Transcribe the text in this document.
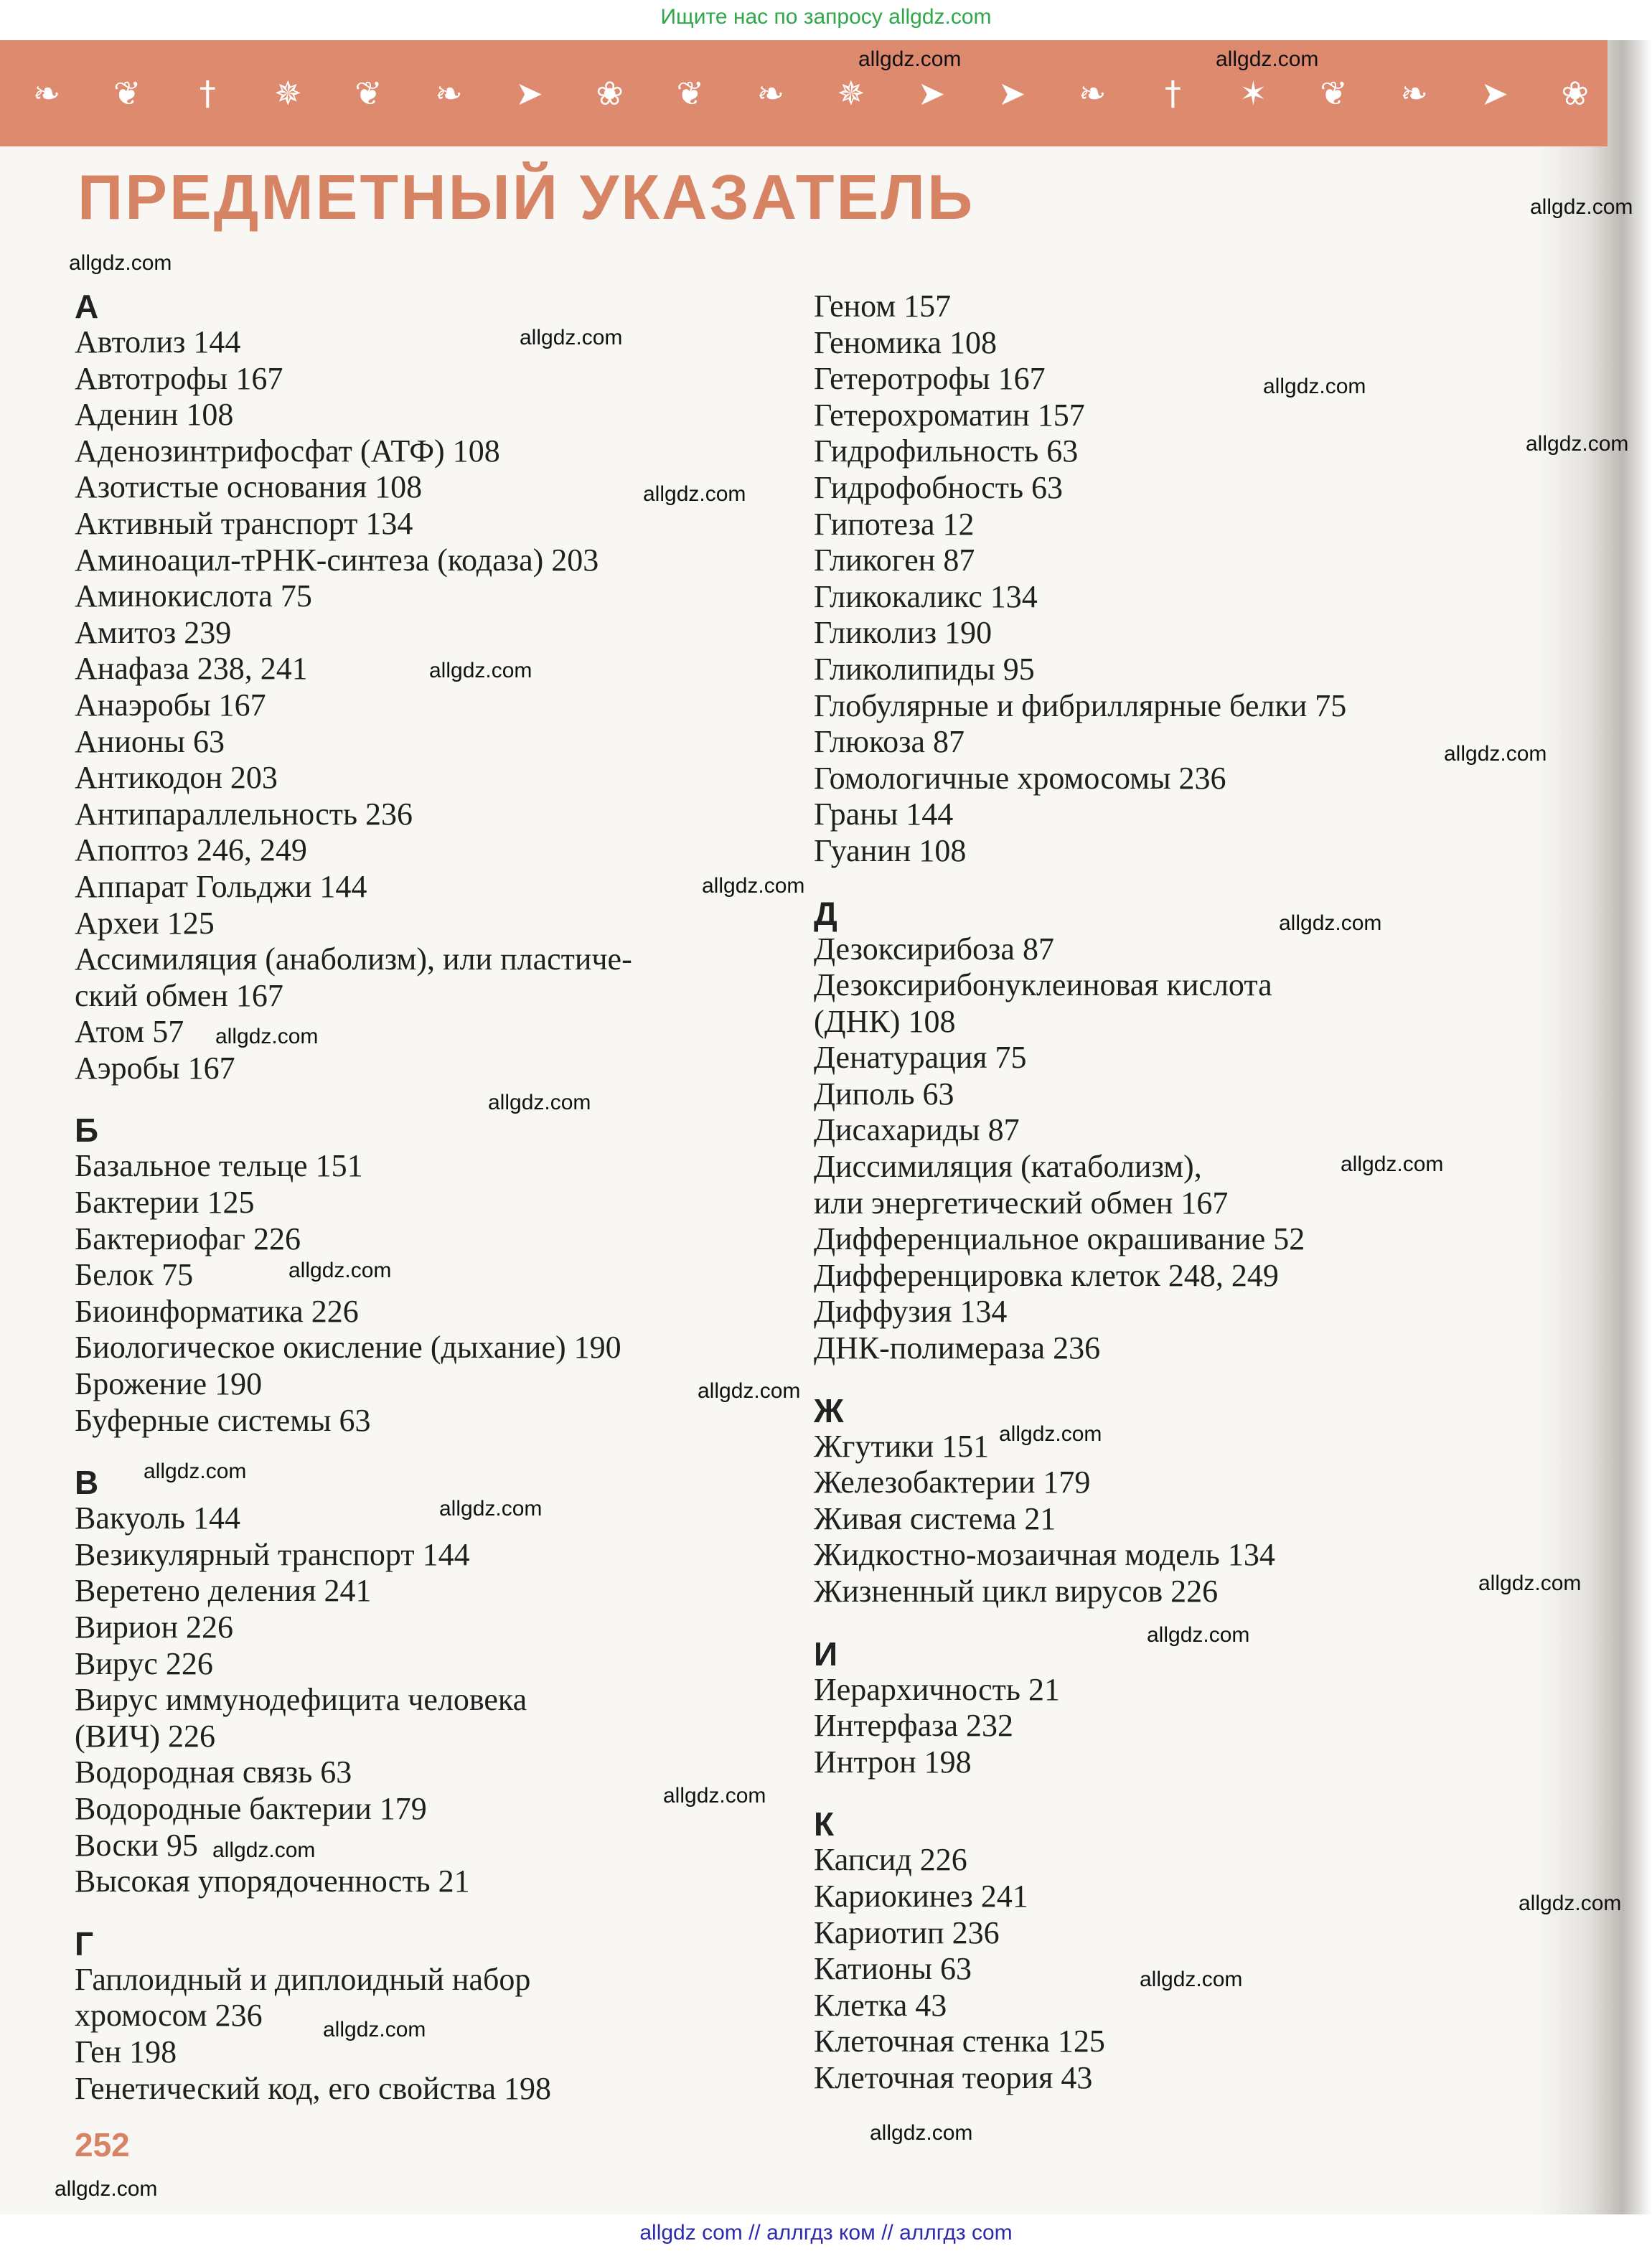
Ищите нас по запросу allgdz.com
❧	❦	†	✵	❦	❧	➤	❀	❦	❧	✵	➤	➤	❧	†	✶	❦	❧	➤	❀
ПРЕДМЕТНЫЙ УКАЗАТЕЛЬ
А
Автолиз 144
Автотрофы 167
Аденин 108
Аденозинтрифосфат (АТФ) 108
Азотистые основания 108
Активный транспорт 134
Аминоацил-тРНК-синтеза (кодаза) 203
Аминокислота 75
Амитоз 239
Анафаза 238, 241
Анаэробы 167
Анионы 63
Антикодон 203
Антипараллельность 236
Апоптоз 246, 249
Аппарат Гольджи 144
Археи 125
Ассимиляция (анаболизм), или пластиче-
ский обмен 167
Атом 57
Аэробы 167
Б
Базальное тельце 151
Бактерии 125
Бактериофаг 226
Белок 75
Биоинформатика 226
Биологическое окисление (дыхание) 190
Брожение 190
Буферные системы 63
В
Вакуоль 144
Везикулярный транспорт 144
Веретено деления 241
Вирион 226
Вирус 226
Вирус иммунодефицита человека
(ВИЧ) 226
Водородная связь 63
Водородные бактерии 179
Воски 95
Высокая упорядоченность 21
Г
Гаплоидный и диплоидный набор
хромосом 236
Ген 198
Генетический код, его свойства 198
Геном 157
Геномика 108
Гетеротрофы 167
Гетерохроматин 157
Гидрофильность 63
Гидрофобность 63
Гипотеза 12
Гликоген 87
Гликокаликс 134
Гликолиз 190
Гликолипиды 95
Глобулярные и фибриллярные белки 75
Глюкоза 87
Гомологичные хромосомы 236
Граны 144
Гуанин 108
Д
Дезоксирибоза 87
Дезоксирибонуклеиновая кислота
(ДНК) 108
Денатурация 75
Диполь 63
Дисахариды 87
Диссимиляция (катаболизм),
или энергетический обмен 167
Дифференциальное окрашивание 52
Дифференцировка клеток 248, 249
Диффузия 134
ДНК-полимераза 236
Ж
Жгутики 151
Железобактерии 179
Живая система 21
Жидкостно-мозаичная модель 134
Жизненный цикл вирусов 226
И
Иерархичность 21
Интерфаза 232
Интрон 198
К
Капсид 226
Кариокинез 241
Кариотип 236
Катионы 63
Клетка 43
Клеточная стенка 125
Клеточная теория 43
252
allgdz.com
allgdz.com	allgdz.com
allgdz.com
allgdz.com
allgdz.com
allgdz.com
allgdz.com
allgdz.com
allgdz.com
allgdz.com
allgdz.com
allgdz.com
allgdz.com
allgdz.com
allgdz.com
allgdz.com
allgdz.com
allgdz.com
allgdz.com
allgdz.com
allgdz.com
allgdz.com
allgdz.com
allgdz.com
allgdz.com
allgdz.com
allgdz.com
allgdz.com
allgdz com // аллгдз ком // аллгдз com
